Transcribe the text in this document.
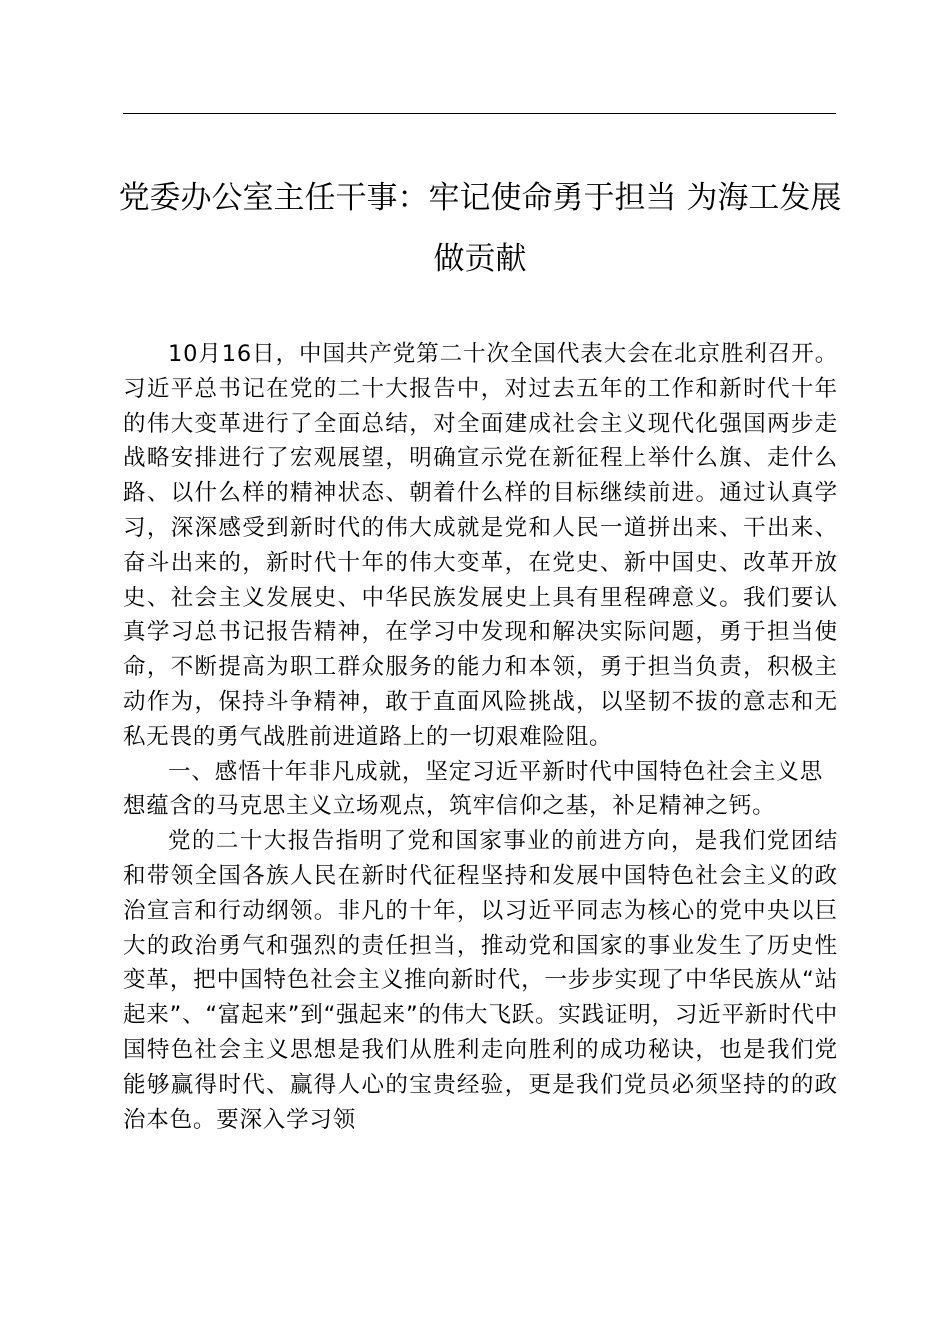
党委办公室主任干事：牢记使命勇于担当 为海工发展做贡献

10月16日，中国共产党第二十次全国代表大会在北京胜利召开。习近平总书记在党的二十大报告中，对过去五年的工作和新时代十年的伟大变革进行了全面总结，对全面建成社会主义现代化强国两步走战略安排进行了宏观展望，明确宣示党在新征程上举什么旗、走什么路、以什么样的精神状态、朝着什么样的目标继续前进。通过认真学习，深深感受到新时代的伟大成就是党和人民一道拼出来、干出来、奋斗出来的，新时代十年的伟大变革，在党史、新中国史、改革开放史、社会主义发展史、中华民族发展史上具有里程碑意义。我们要认真学习总书记报告精神，在学习中发现和解决实际问题，勇于担当使命，不断提高为职工群众服务的能力和本领，勇于担当负责，积极主动作为，保持斗争精神，敢于直面风险挑战，以坚韧不拔的意志和无私无畏的勇气战胜前进道路上的一切艰难险阻。

一、感悟十年非凡成就，坚定习近平新时代中国特色社会主义思想蕴含的马克思主义立场观点，筑牢信仰之基，补足精神之钙。

党的二十大报告指明了党和国家事业的前进方向，是我们党团结和带领全国各族人民在新时代征程坚持和发展中国特色社会主义的政治宣言和行动纲领。非凡的十年，以习近平同志为核心的党中央以巨大的政治勇气和强烈的责任担当，推动党和国家的事业发生了历史性变革，把中国特色社会主义推向新时代，一步步实现了中华民族从“站起来”、“富起来”到“强起来”的伟大飞跃。实践证明，习近平新时代中国特色社会主义思想是我们从胜利走向胜利的成功秘诀，也是我们党能够赢得时代、赢得人心的宝贵经验，更是我们党员必须坚持的的政治本色。要深入学习领
